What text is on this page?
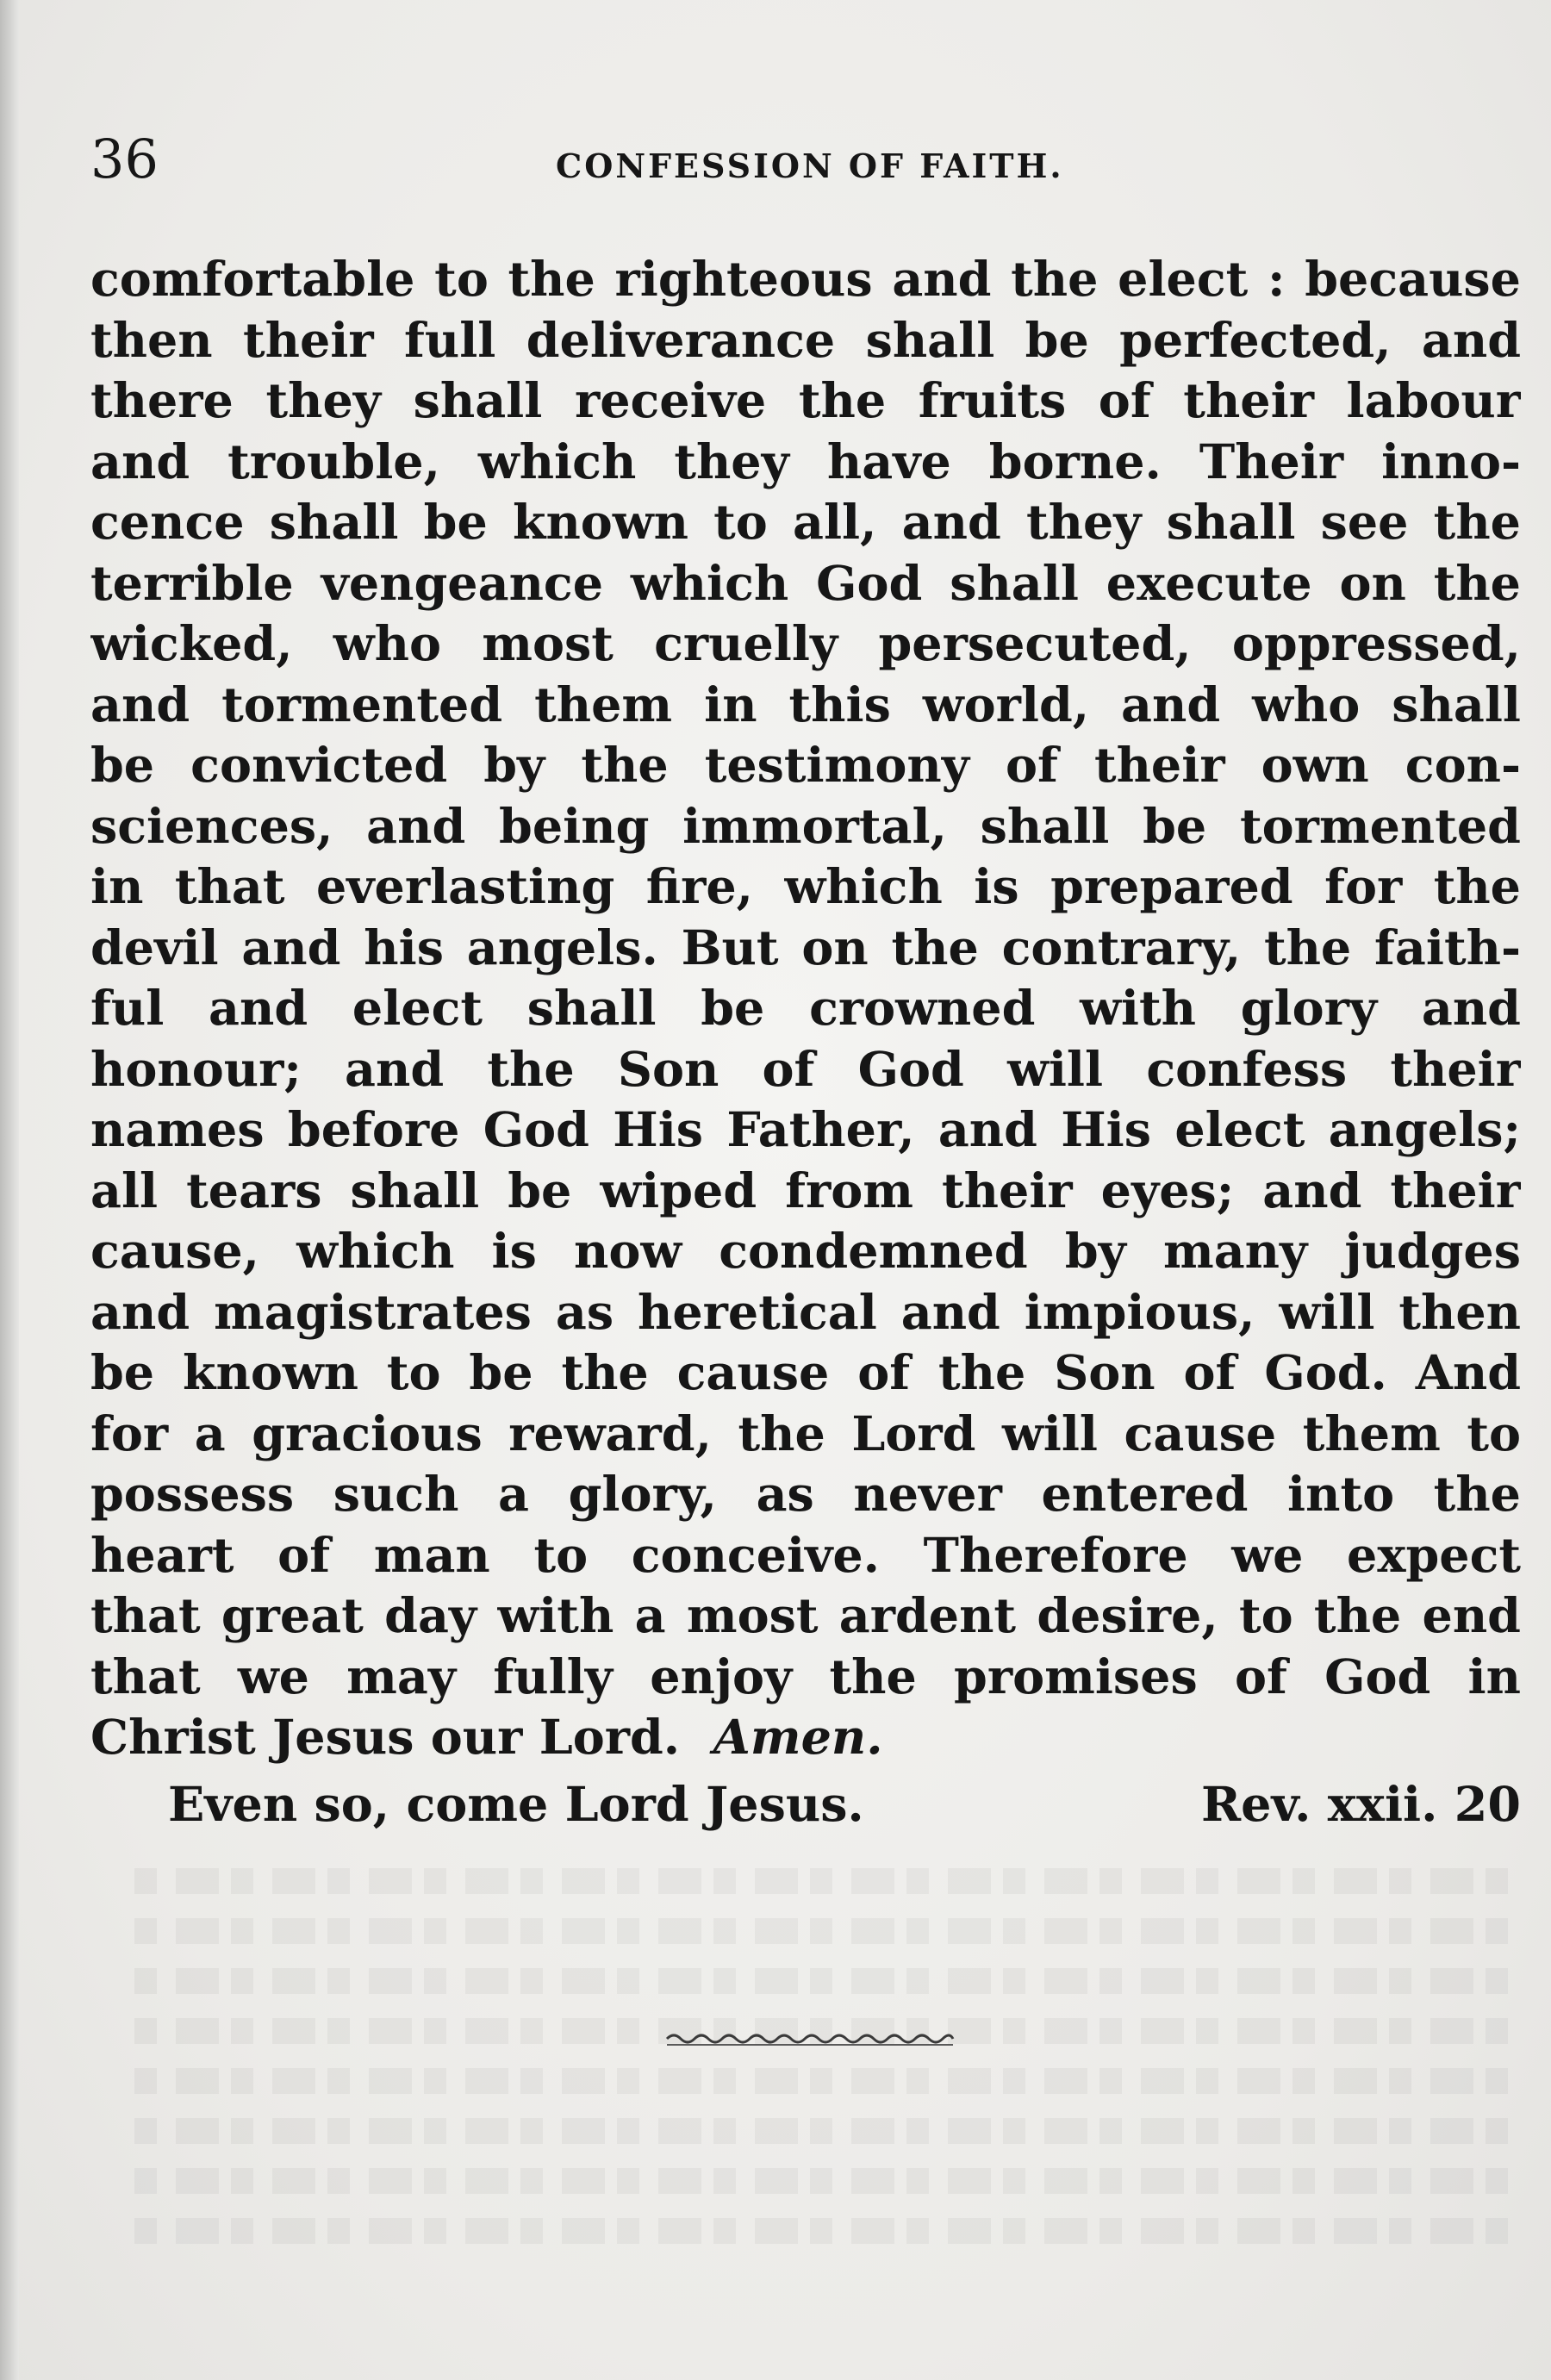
36	CONFESSION OF FAITH.
comfortable to the righteous and the elect : because
then their full deliverance shall be perfected, and
there they shall receive the fruits of their labour
and trouble, which they have borne. Their inno-
cence shall be known to all, and they shall see the
terrible vengeance which God shall execute on the
wicked, who most cruelly persecuted, oppressed,
and tormented them in this world, and who shall
be convicted by the testimony of their own con-
sciences, and being immortal, shall be tormented
in that everlasting fire, which is prepared for the
devil and his angels. But on the contrary, the faith-
ful and elect shall be crowned with glory and
honour; and the Son of God will confess their
names before God His Father, and His elect angels;
all tears shall be wiped from their eyes; and their
cause, which is now condemned by many judges
and magistrates as heretical and impious, will then
be known to be the cause of the Son of God. And
for a gracious reward, the Lord will cause them to
possess such a glory, as never entered into the
heart of man to conceive. Therefore we expect
that great day with a most ardent desire, to the end
that we may fully enjoy the promises of God in
Christ Jesus our Lord. Amen.
Even so, come Lord Jesus.	Rev. xxii. 20
